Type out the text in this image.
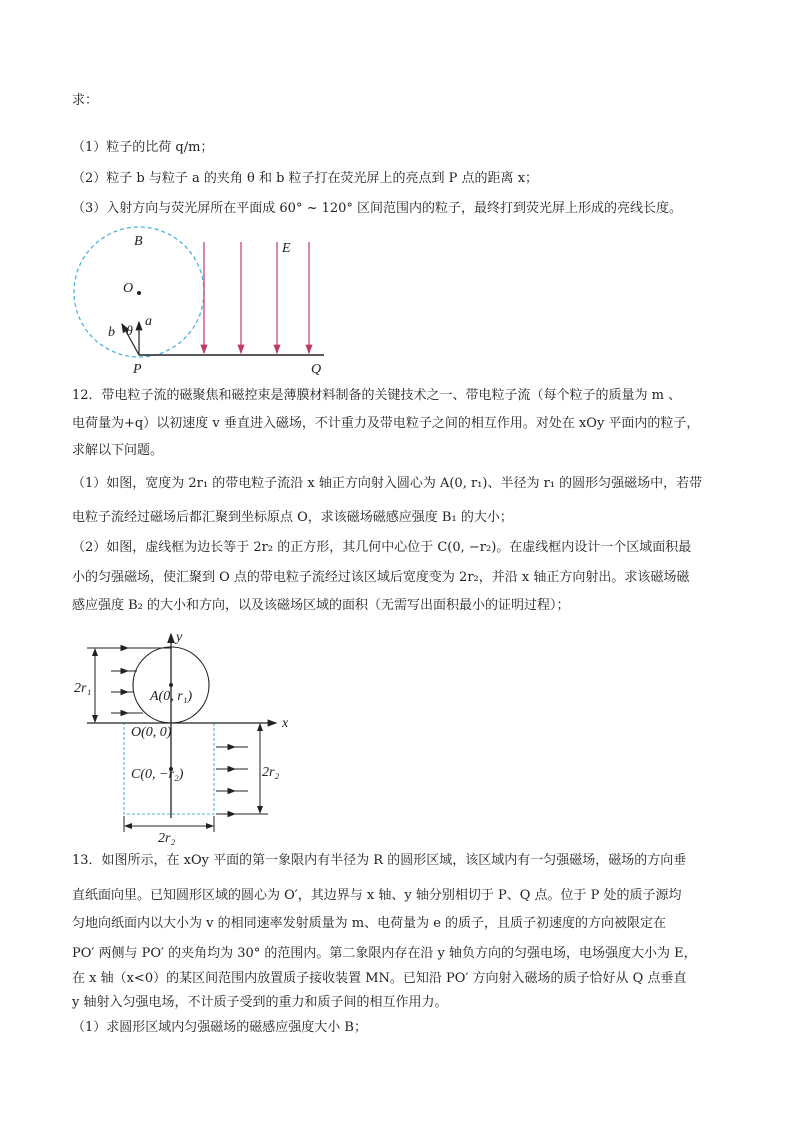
求：
（1）粒子的比荷 q/m；
（2）粒子 b 与粒子 a 的夹角 θ 和 b 粒子打在荧光屏上的亮点到 P 点的距离 x；
（3）入射方向与荧光屏所在平面成 60° ~ 120° 区间范围内的粒子，最终打到荧光屏上形成的亮线长度。
B	E
O
a
b θ
P	Q
y
x
A(0, r₁)
O(0, 0)
C(0, −r₂)
2r₁
2r₂
2r₂
12．带电粒子流的磁聚焦和磁控束是薄膜材料制备的关键技术之一、带电粒子流（每个粒子的质量为 m 、
电荷量为+q）以初速度 v 垂直进入磁场，不计重力及带电粒子之间的相互作用。对处在 xOy 平面内的粒子，
求解以下问题。
（1）如图，宽度为 2r₁ 的带电粒子流沿 x 轴正方向射入圆心为 A(0, r₁)、半径为 r₁ 的圆形匀强磁场中，若带
电粒子流经过磁场后都汇聚到坐标原点 O，求该磁场磁感应强度 B₁ 的大小；
（2）如图，虚线框为边长等于 2r₂ 的正方形，其几何中心位于 C(0, −r₂)。在虚线框内设计一个区域面积最
小的匀强磁场，使汇聚到 O 点的带电粒子流经过该区域后宽度变为 2r₂，并沿 x 轴正方向射出。求该磁场磁
感应强度 B₂ 的大小和方向，以及该磁场区域的面积（无需写出面积最小的证明过程）；
13．如图所示，在 xOy 平面的第一象限内有半径为 R 的圆形区域，该区域内有一匀强磁场，磁场的方向垂
直纸面向里。已知圆形区域的圆心为 O′，其边界与 x 轴、y 轴分别相切于 P、Q 点。位于 P 处的质子源均
匀地向纸面内以大小为 v 的相同速率发射质量为 m、电荷量为 e 的质子，且质子初速度的方向被限定在
PO′ 两侧与 PO′ 的夹角均为 30° 的范围内。第二象限内存在沿 y 轴负方向的匀强电场，电场强度大小为 E，
在 x 轴（x<0）的某区间范围内放置质子接收装置 MN。已知沿 PO′ 方向射入磁场的质子恰好从 Q 点垂直
y 轴射入匀强电场，不计质子受到的重力和质子间的相互作用力。
（1）求圆形区域内匀强磁场的磁感应强度大小 B；
